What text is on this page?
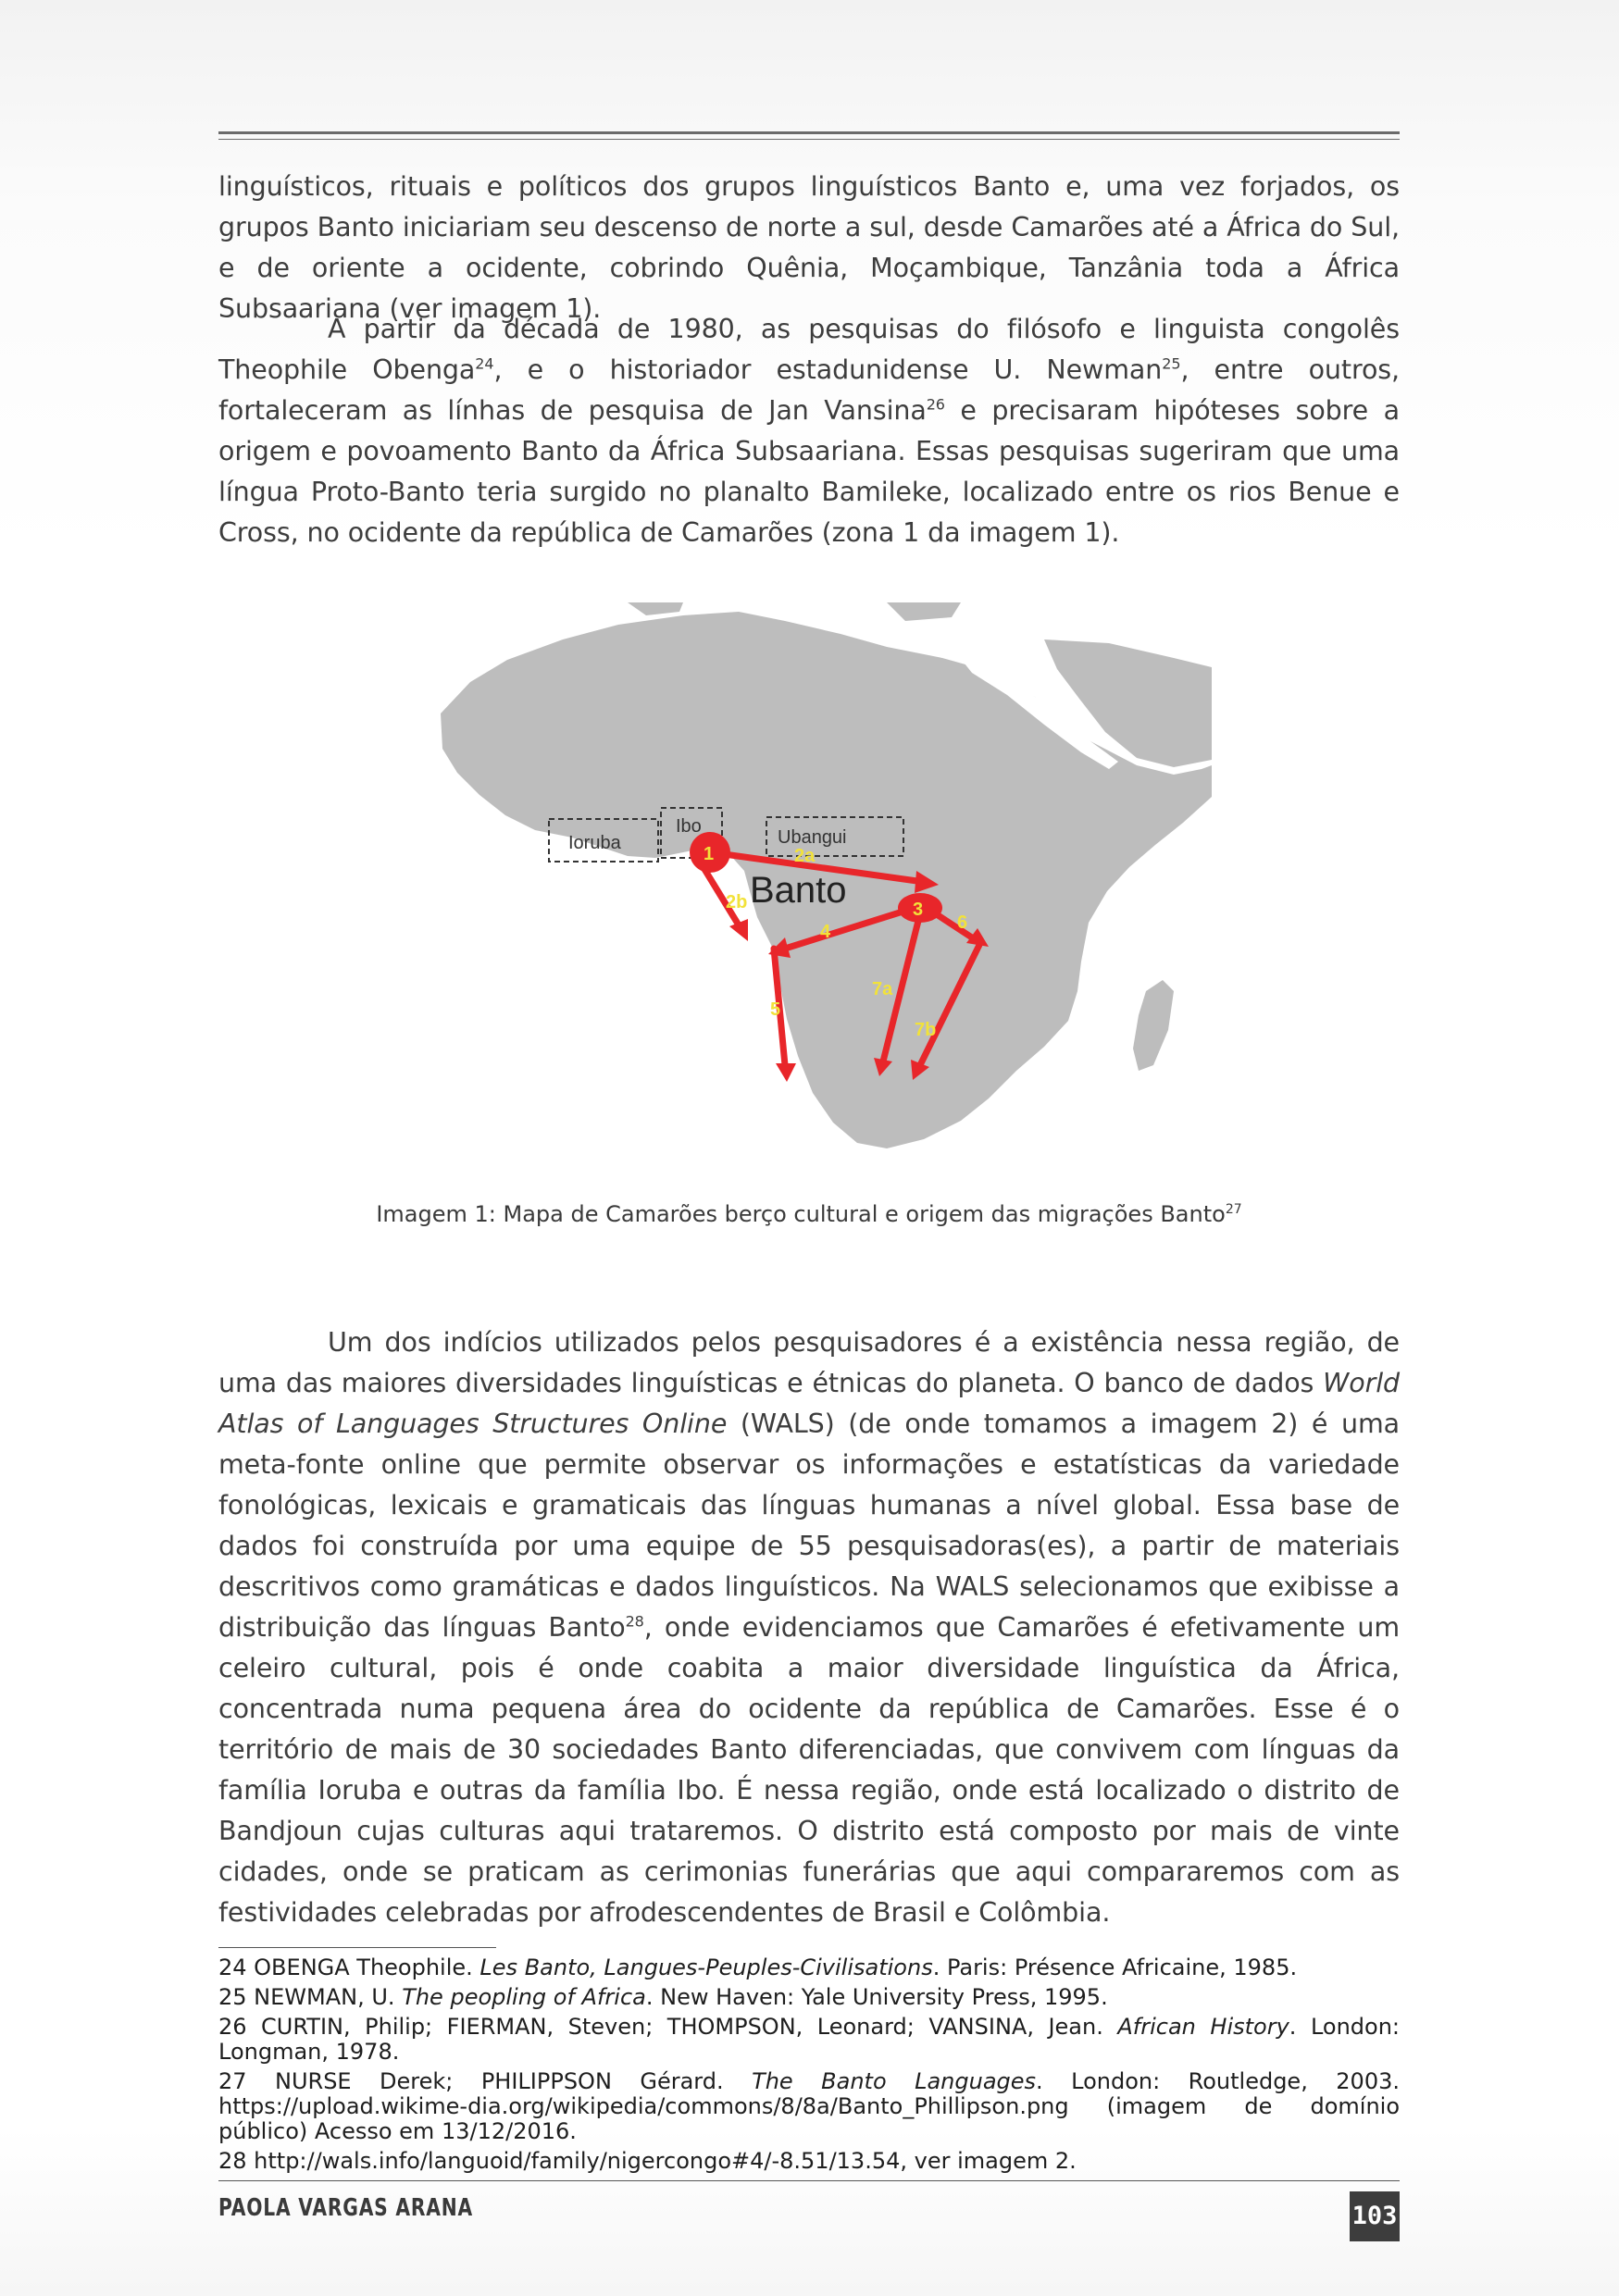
linguísticos, rituais e políticos dos grupos linguísticos Banto e, uma vez forjados, os grupos Banto iniciariam seu descenso de norte a sul, desde Camarões até a África do Sul, e de oriente a ocidente, cobrindo Quênia, Moçambique, Tanzânia toda a África Subsaariana (ver imagem 1).

A partir da década de 1980, as pesquisas do filósofo e linguista congolês Theophile Obenga$^{24}$, e o historiador estadunidense U. Newman$^{25}$, entre outros, fortaleceram as línhas de pesquisa de Jan Vansina$^{26}$ e precisaram hipóteses sobre a origem e povoamento Banto da África Subsaariana. Essas pesquisas sugeriram que uma língua Proto-Banto teria surgido no planalto Bamileke, localizado entre os rios Benue e Cross, no ocidente da república de Camarões (zona 1 da imagem 1).

Ioruba
Ibo
Ubangui
Banto
1	2a
2b	3
4
5
6
7a
7b
Imagem 1: Mapa de Camarões berço cultural e origem das migrações Banto$^{27}$

Um dos indícios utilizados pelos pesquisadores é a existência nessa região, de uma das maiores diversidades linguísticas e étnicas do planeta. O banco de dados World Atlas of Languages Structures Online (WALS) (de onde tomamos a imagem 2) é uma meta-fonte online que permite observar os informações e estatísticas da variedade fonológicas, lexicais e gramaticais das línguas humanas a nível global. Essa base de dados foi construída por uma equipe de 55 pesquisadoras(es), a partir de materiais descritivos como gramáticas e dados linguísticos. Na WALS selecionamos que exibisse a distribuição das línguas Banto$^{28}$, onde evidenciamos que Camarões é efetivamente um celeiro cultural, pois é onde coabita a maior diversidade linguística da África, concentrada numa pequena área do ocidente da república de Camarões. Esse é o território de mais de 30 sociedades Banto diferenciadas, que convivem com línguas da família Ioruba e outras da família Ibo. É nessa região, onde está localizado o distrito de Bandjoun cujas culturas aqui trataremos. O distrito está composto por mais de vinte cidades, onde se praticam as cerimonias funerárias que aqui compararemos com as festividades celebradas por afrodescendentes de Brasil e Colômbia.

24 OBENGA Theophile. Les Banto, Langues-Peuples-Civilisations. Paris: Présence Africaine, 1985.

25 NEWMAN, U. The peopling of Africa. New Haven: Yale University Press, 1995.

26 CURTIN, Philip; FIERMAN, Steven; THOMPSON, Leonard; VANSINA, Jean. African History. London: Longman, 1978.

27 NURSE Derek; PHILIPPSON Gérard. The Banto Languages. London: Routledge, 2003. https://upload.wikime-dia.org/wikipedia/commons/8/8a/Banto_Phillipson.png (imagem de domínio público) Acesso em 13/12/2016.

28 http://wals.info/languoid/family/nigercongo#4/-8.51/13.54, ver imagem 2.

PAOLA VARGAS ARANA	103
